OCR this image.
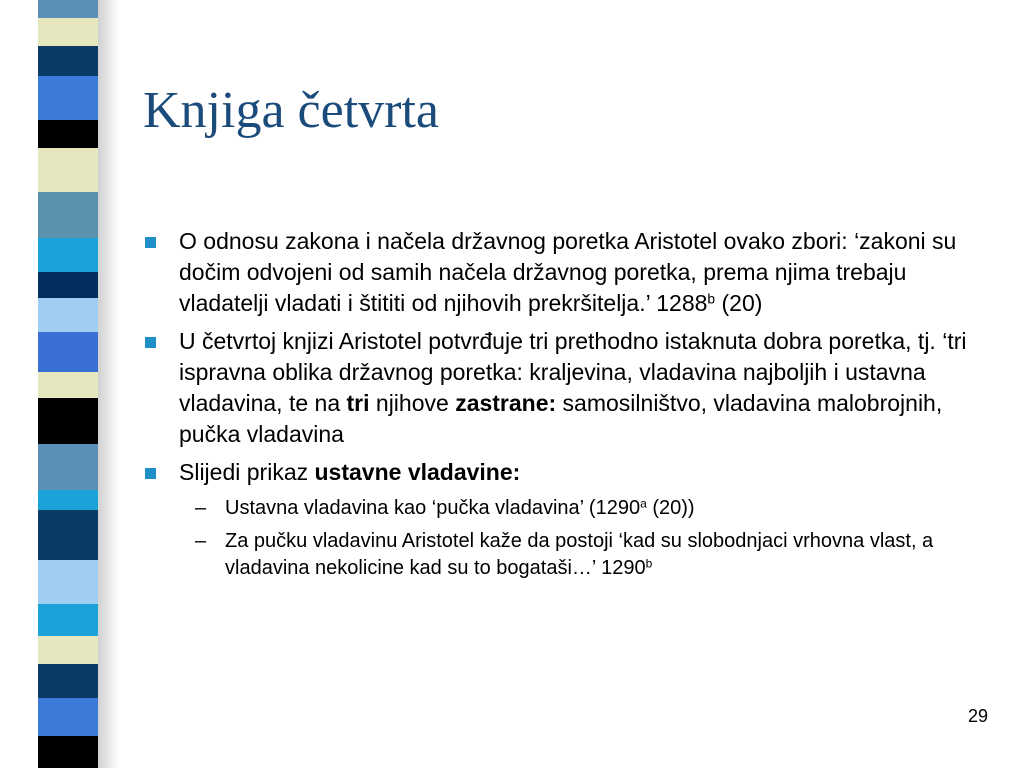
Knjiga četvrta
O odnosu zakona i načela državnog poretka Aristotel ovako zbori: ‘zakoni su dočim odvojeni od samih načela državnog poretka, prema njima trebaju vladatelji vladati i štititi od njihovih prekršitelja.’ 1288$^b$ (20)
U četvrtoj knjizi Aristotel potvrđuje tri prethodno istaknuta dobra poretka, tj. ‘tri ispravna oblika državnog poretka: kraljevina, vladavina najboljih i ustavna vladavina, te na tri njihove zastrane: samosilništvo, vladavina malobrojnih, pučka vladavina
Slijedi prikaz ustavne vladavine:
– Ustavna vladavina kao ‘pučka vladavina’ (1290$^a$ (20))
– Za pučku vladavinu Aristotel kaže da postoji ‘kad su slobodnjaci vrhovna vlast, a vladavina nekolicine kad su to bogataši…’ 1290$^b$
29
